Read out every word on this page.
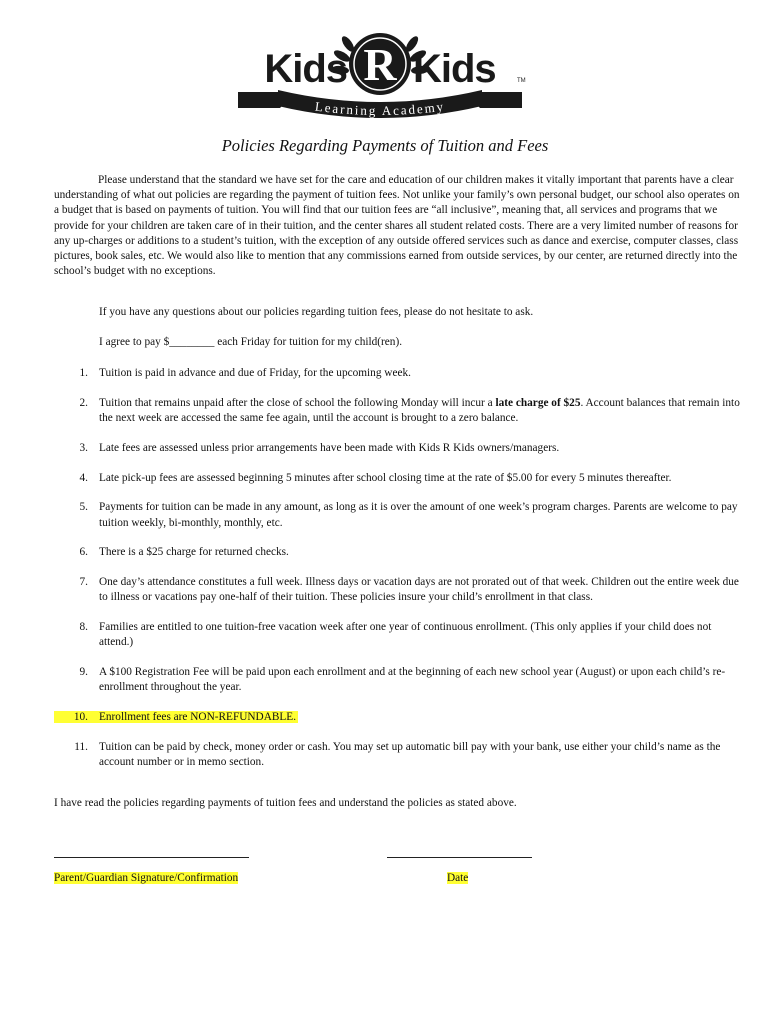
R
Kids Kids	TM
Learning Academy
Policies Regarding Payments of Tuition and Fees

Please understand that the standard we have set for the care and education of our children makes it vitally important that parents have a clear understanding of what out policies are regarding the payment of tuition fees. Not unlike your family’s own personal budget, our school also operates on a budget that is based on payments of tuition. You will find that our tuition fees are “all inclusive”, meaning that, all services and programs that we provide for your children are taken care of in their tuition, and the center shares all student related costs. There are a very limited number of reasons for any up-charges or additions to a student’s tuition, with the exception of any outside offered services such as dance and exercise, computer classes, class pictures, book sales, etc. We would also like to mention that any commissions earned from outside services, by our center, are returned directly into the school’s budget with no exceptions.

If you have any questions about our policies regarding tuition fees, please do not hesitate to ask.

I agree to pay $________ each Friday for tuition for my child(ren).

1. Tuition is paid in advance and due of Friday, for the upcoming week.
2. Tuition that remains unpaid after the close of school the following Monday will incur a late charge of $25. Account balances that remain into the next week are accessed the same fee again, until the account is brought to a zero balance.
3. Late fees are assessed unless prior arrangements have been made with Kids R Kids owners/managers.
4. Late pick-up fees are assessed beginning 5 minutes after school closing time at the rate of $5.00 for every 5 minutes thereafter.
5. Payments for tuition can be made in any amount, as long as it is over the amount of one week’s program charges. Parents are welcome to pay tuition weekly, bi-monthly, monthly, etc.
6. There is a $25 charge for returned checks.
7. One day’s attendance constitutes a full week. Illness days or vacation days are not prorated out of that week. Children out the entire week due to illness or vacations pay one-half of their tuition. These policies insure your child’s enrollment in that class.
8. Families are entitled to one tuition-free vacation week after one year of continuous enrollment. (This only applies if your child does not attend.)
9. A $100 Registration Fee will be paid upon each enrollment and at the beginning of each new school year (August) or upon each child’s re-enrollment throughout the year.
10. Enrollment fees are NON-REFUNDABLE.
11. Tuition can be paid by check, money order or cash. You may set up automatic bill pay with your bank, use either your child’s name as the account number or in memo section.

I have read the policies regarding payments of tuition fees and understand the policies as stated above.

Parent/Guardian Signature/Confirmation	Date
